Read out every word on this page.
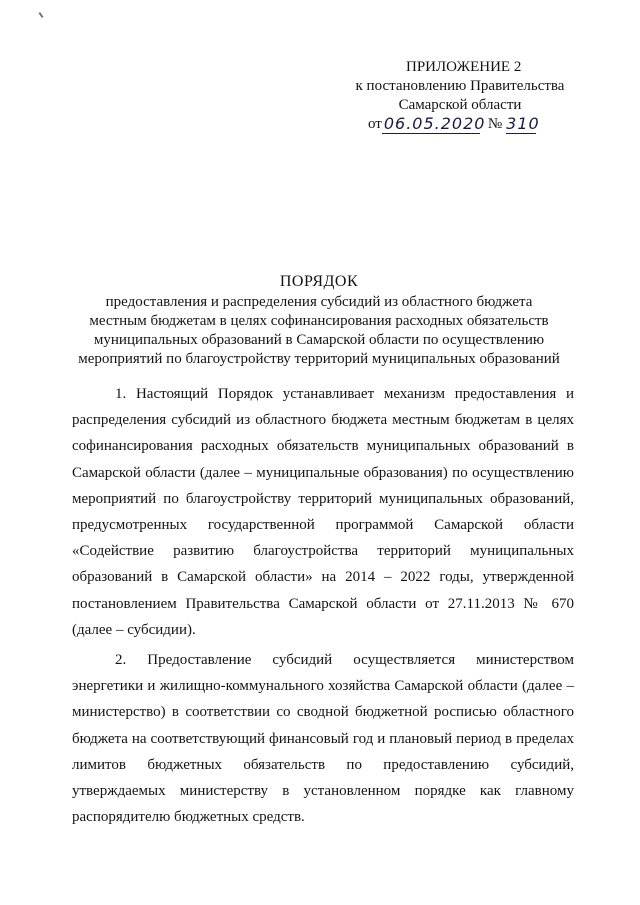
ПРИЛОЖЕНИЕ 2
к постановлению Правительства
Самарской области
от 06.05.2020 № 310
ПОРЯДОК
предоставления и распределения субсидий из областного бюджета
местным бюджетам в целях софинансирования расходных обязательств
муниципальных образований в Самарской области по осуществлению
мероприятий по благоустройству территорий муниципальных образований

1. Настоящий Порядок устанавливает механизм предоставления и распределения субсидий из областного бюджета местным бюджетам в целях софинансирования расходных обязательств муниципальных образований в Самарской области (далее – муниципальные образования) по осуществлению мероприятий по благоустройству территорий муниципальных образований, предусмотренных государственной программой Самарской области «Содействие развитию благоустройства территорий муниципальных образований в Самарской области» на 2014 – 2022 годы, утвержденной постановлением Правительства Самарской области от 27.11.2013 № 670 (далее – субсидии).

2. Предоставление субсидий осуществляется министерством энергетики и жилищно-коммунального хозяйства Самарской области (далее – министерство) в соответствии со сводной бюджетной росписью областного бюджета на соответствующий финансовый год и плановый период в пределах лимитов бюджетных обязательств по предоставлению субсидий, утверждаемых министерству в установленном порядке как главному распорядителю бюджетных средств.
